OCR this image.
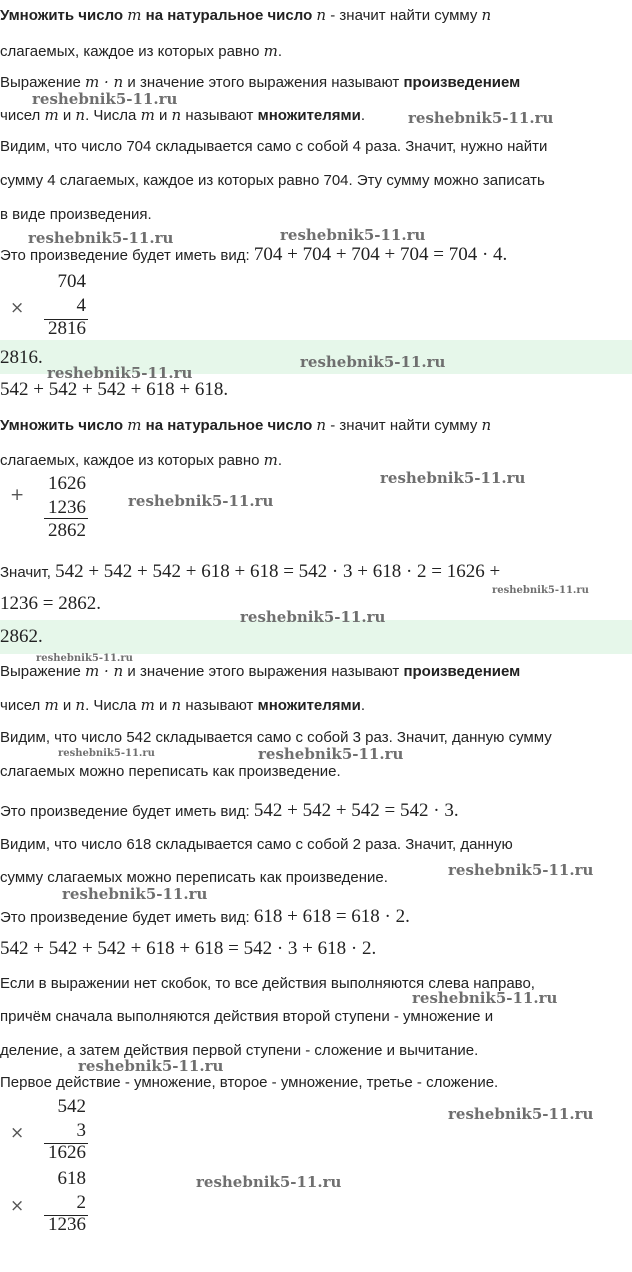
Умножить число m на натуральное число n - значит найти сумму n
слагаемых, каждое из которых равно m.
Выражение m · n и значение этого выражения называют произведением
чисел m и n. Числа m и n называют множителями.
Видим, что число 704 складывается само с собой 4 раза. Значит, нужно найти
сумму 4 слагаемых, каждое из которых равно 704. Эту сумму можно записать
в виде произведения.
Это произведение будет иметь вид: 704 + 704 + 704 + 704 = 704 · 4.
704
×	4
2816
2816.
542 + 542 + 542 + 618 + 618.
Умножить число m на натуральное число n - значит найти сумму n
слагаемых, каждое из которых равно m.
1626
+
1236
2862
Значит, 542 + 542 + 542 + 618 + 618 = 542 · 3 + 618 · 2 = 1626 +
1236 = 2862.
2862.
Выражение m · n и значение этого выражения называют произведением
чисел m и n. Числа m и n называют множителями.
Видим, что число 542 складывается само с собой 3 раз. Значит, данную сумму
слагаемых можно переписать как произведение.
Это произведение будет иметь вид: 542 + 542 + 542 = 542 · 3.
Видим, что число 618 складывается само с собой 2 раза. Значит, данную
сумму слагаемых можно переписать как произведение.
Это произведение будет иметь вид: 618 + 618 = 618 · 2.
542 + 542 + 542 + 618 + 618 = 542 · 3 + 618 · 2.
Если в выражении нет скобок, то все действия выполняются слева направо,
причём сначала выполняются действия второй ступени - умножение и
деление, а затем действия первой ступени - сложение и вычитание.
Первое действие - умножение, второе - умножение, третье - сложение.
542
×	3
1626
618
×	2
1236
reshebnik5-11.ru
reshebnik5-11.ru
reshebnik5-11.ru	reshebnik5-11.ru
reshebnik5-11.ru
reshebnik5-11.ru
reshebnik5-11.ru
reshebnik5-11.ru
reshebnik5-11.ru
reshebnik5-11.ru
reshebnik5-11.ru
reshebnik5-11.ru	reshebnik5-11.ru
reshebnik5-11.ru
reshebnik5-11.ru
reshebnik5-11.ru
reshebnik5-11.ru
reshebnik5-11.ru
reshebnik5-11.ru
